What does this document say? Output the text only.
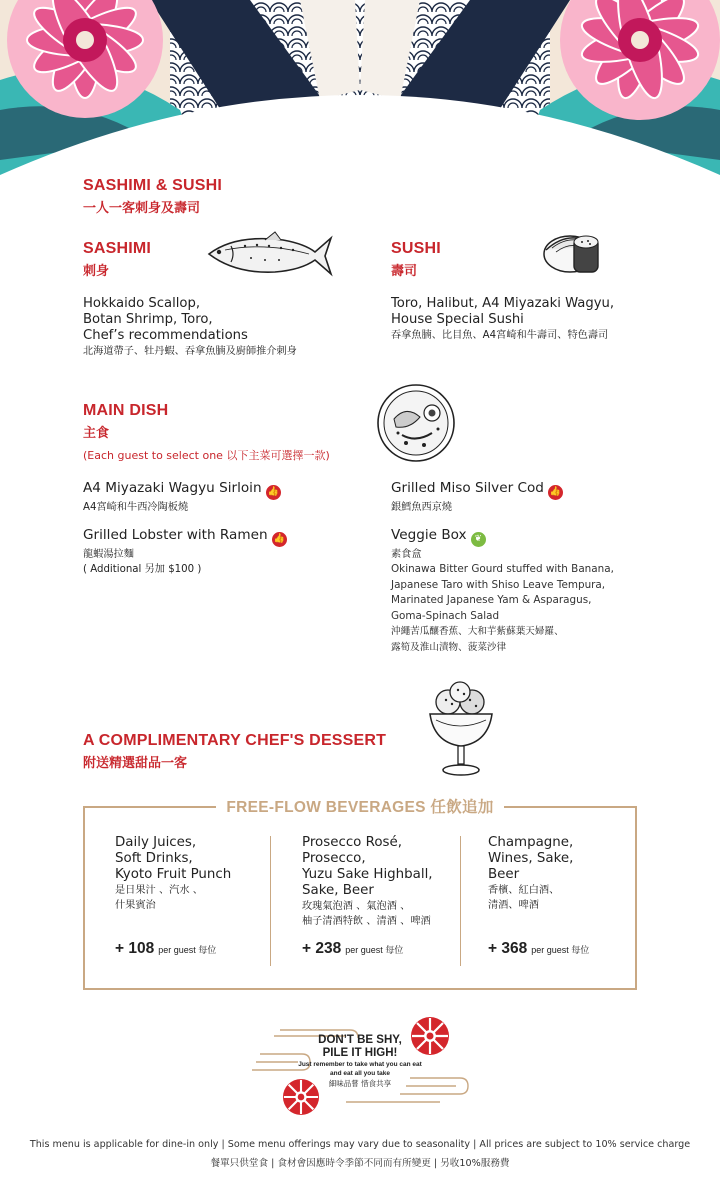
SASHIMI & SUSHI
一人一客刺身及壽司
SASHIMI
刺身
Hokkaido Scallop,
Botan Shrimp, Toro,
Chef’s recommendations
北海道帶子、牡丹蝦、吞拿魚腩及廚師推介刺身
SUSHI
壽司
Toro, Halibut, A4 Miyazaki Wagyu,
House Special Sushi
吞拿魚腩、比目魚、A4宮崎和牛壽司、特色壽司
MAIN DISH
主食
(Each guest to select one 以下主菜可選擇一款)
A4 Miyazaki Wagyu Sirloin 👍
A4宮崎和牛西冷陶板燒
Grilled Lobster with Ramen 👍
龍蝦湯拉麵
( Additional 另加 $100 )
Grilled Miso Silver Cod 👍
銀鱈魚西京燒
Veggie Box ❦
素食盒
Okinawa Bitter Gourd stuffed with Banana,
Japanese Taro with Shiso Leave Tempura,
Marinated Japanese Yam & Asparagus,
Goma-Spinach Salad
沖繩苦瓜釀香蕉、大和芋紫蘇葉天婦羅、
露筍及淮山漬物、菠菜沙律
A COMPLIMENTARY CHEF'S DESSERT
附送精選甜品一客
FREE-FLOW BEVERAGES 任飲追加
Daily Juices,
Soft Drinks,
Kyoto Fruit Punch
是日果汁 、汽水 、
什果賓治
+ 108 per guest 每位
Prosecco Rosé,
Prosecco,
Yuzu Sake Highball,
Sake, Beer
玫瑰氣泡酒 、氣泡酒 、
柚子清酒特飲 、清酒 、啤酒
+ 238 per guest 每位
Champagne,
Wines, Sake,
Beer
香檳、紅白酒、
清酒、啤酒
+ 368 per guest 每位
DON’T BE SHY,
PILE IT HIGH!
Just remember to take what you can eat
and eat all you take
細味品嘗 惜食共享
This menu is applicable for dine-in only | Some menu offerings may vary due to seasonality | All prices are subject to 10% service charge
餐單只供堂食 | 食材會因應時令季節不同而有所變更 | 另收10%服務費
